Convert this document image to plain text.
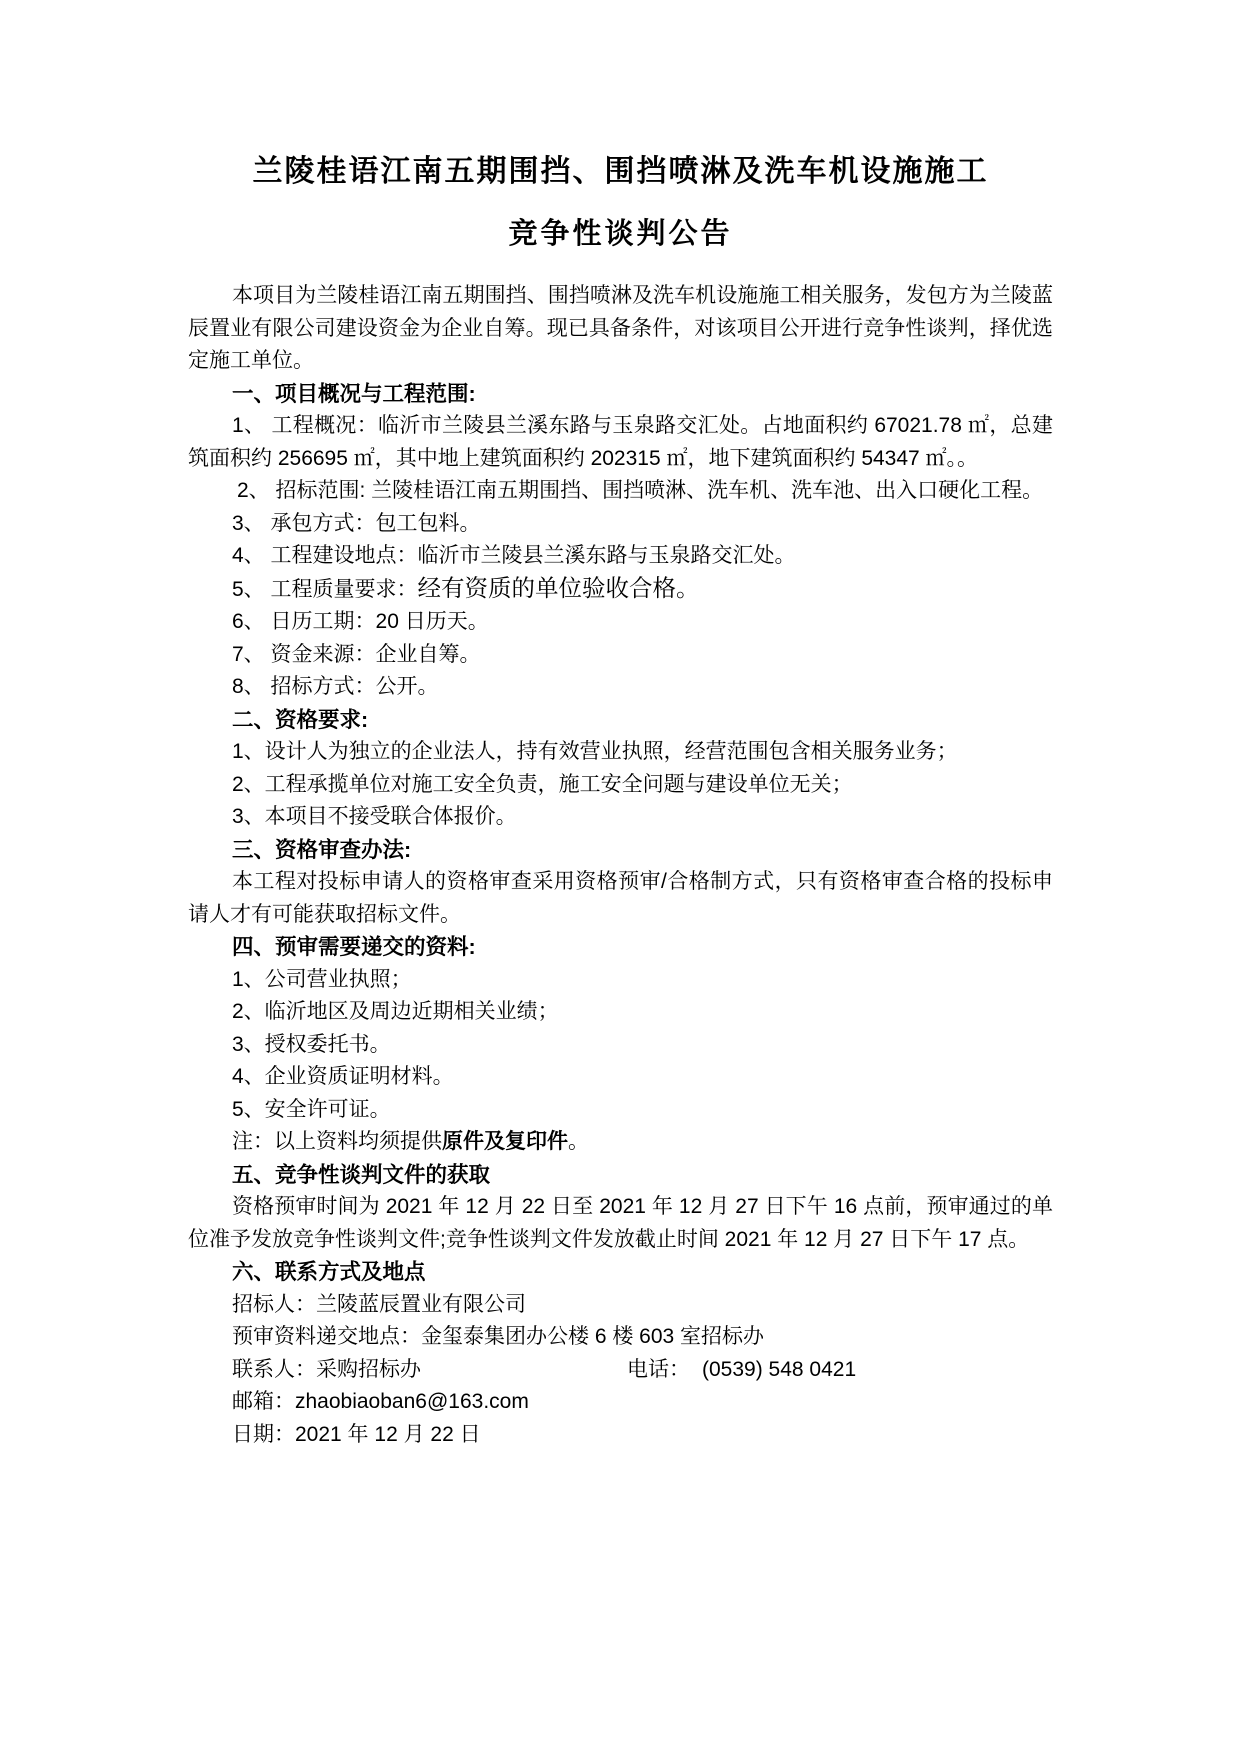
兰陵桂语江南五期围挡、围挡喷淋及洗车机设施施工
竞争性谈判公告

本项目为兰陵桂语江南五期围挡、围挡喷淋及洗车机设施施工相关服务，发包方为兰陵蓝辰置业有限公司建设资金为企业自筹。现已具备条件，对该项目公开进行竞争性谈判，择优选定施工单位。

一、项目概况与工程范围:

1、 工程概况：临沂市兰陵县兰溪东路与玉泉路交汇处。占地面积约 67021.78 ㎡，总建筑面积约 256695 ㎡，其中地上建筑面积约 202315 ㎡，地下建筑面积约 54347 ㎡。。

2、 招标范围: 兰陵桂语江南五期围挡、围挡喷淋、洗车机、洗车池、出入口硬化工程。

3、 承包方式：包工包料。

4、 工程建设地点：临沂市兰陵县兰溪东路与玉泉路交汇处。

5、 工程质量要求：经有资质的单位验收合格。

6、 日历工期：20 日历天。

7、 资金来源：企业自筹。

8、 招标方式：公开。

二、资格要求:

1、设计人为独立的企业法人，持有效营业执照，经营范围包含相关服务业务；

2、工程承揽单位对施工安全负责，施工安全问题与建设单位无关；

3、本项目不接受联合体报价。

三、资格审查办法:

本工程对投标申请人的资格审查采用资格预审/合格制方式，只有资格审查合格的投标申请人才有可能获取招标文件。

四、预审需要递交的资料:

1、公司营业执照；

2、临沂地区及周边近期相关业绩；

3、授权委托书。

4、企业资质证明材料。

5、安全许可证。

注：以上资料均须提供原件及复印件。

五、竞争性谈判文件的获取

资格预审时间为 2021 年 12 月 22 日至 2021 年 12 月 27 日下午 16 点前，预审通过的单位准予发放竞争性谈判文件;竞争性谈判文件发放截止时间 2021 年 12 月 27 日下午 17 点。

六、联系方式及地点

招标人：兰陵蓝辰置业有限公司

预审资料递交地点：金玺泰集团办公楼 6 楼 603 室招标办

联系人：采购招标办	电话： (0539) 548 0421

邮箱：zhaobiaoban6@163.com

日期：2021 年 12 月 22 日
